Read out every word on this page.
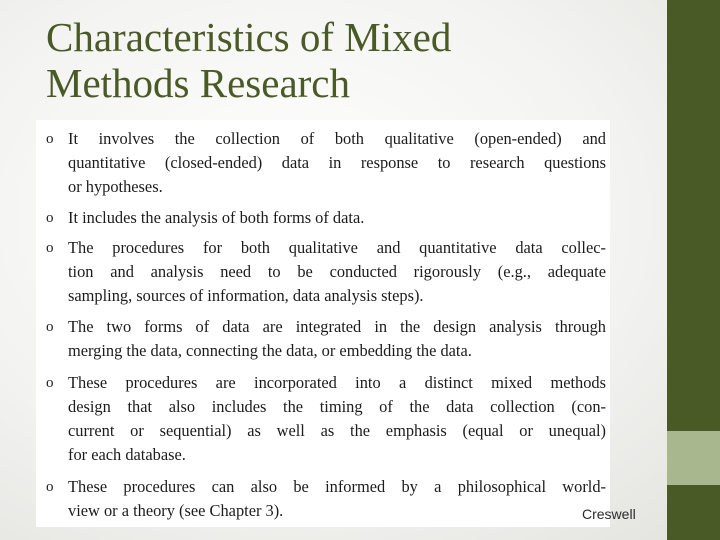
Characteristics of Mixed
Methods Research
o It involves the collection of both qualitative (open-ended) and
quantitative (closed-ended) data in response to research questions
or hypotheses.
o It includes the analysis of both forms of data.
o The procedures for both qualitative and quantitative data collec-
tion and analysis need to be conducted rigorously (e.g., adequate
sampling, sources of information, data analysis steps).
o The two forms of data are integrated in the design analysis through
merging the data, connecting the data, or embedding the data.
o These procedures are incorporated into a distinct mixed methods
design that also includes the timing of the data collection (con-
current or sequential) as well as the emphasis (equal or unequal)
for each database.
o These procedures can also be informed by a philosophical world-
view or a theory (see Chapter 3).	Creswell
